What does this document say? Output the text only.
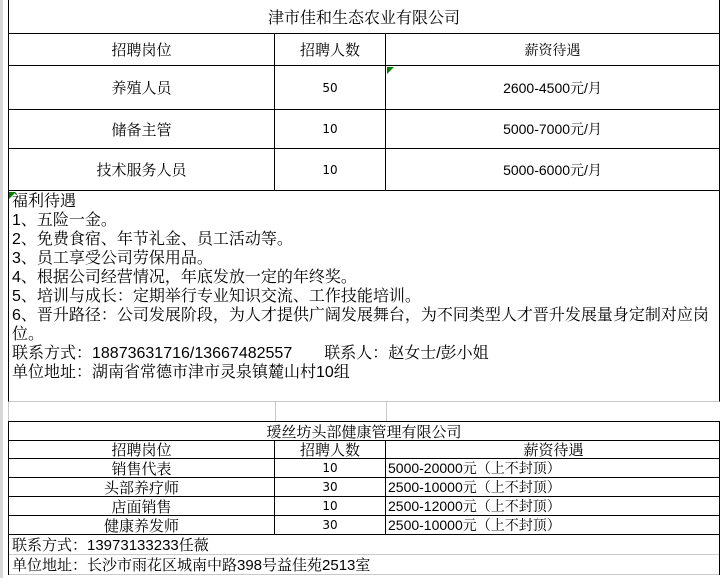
津市佳和生态农业有限公司
招聘岗位	招聘人数	薪资待遇
养殖人员	50	2600-4500元/月
储备主管	10	5000-7000元/月
技术服务人员	10	5000-6000元/月
福利待遇
1、五险一金。
2、免费食宿、年节礼金、员工活动等。
3、员工享受公司劳保用品。
4、根据公司经营情况，年底发放一定的年终奖。
5、培训与成长：定期举行专业知识交流、工作技能培训。
6、晋升路径：公司发展阶段，为人才提供广阔发展舞台，为不同类型人才晋升发展量身定制对应岗位。
联系方式：18873631716/13667482557　　联系人：赵女士/彭小姐
单位地址：湖南省常德市津市灵泉镇麓山村10组
瑷丝坊头部健康管理有限公司
招聘岗位	招聘人数	薪资待遇
销售代表	10	5000-20000元（上不封顶）
头部养疗师	30	2500-10000元（上不封顶）
店面销售	10	2500-12000元（上不封顶）
健康养发师	30	2500-10000元（上不封顶）
联系方式：13973133233任薇
单位地址：长沙市雨花区城南中路398号益佳苑2513室
